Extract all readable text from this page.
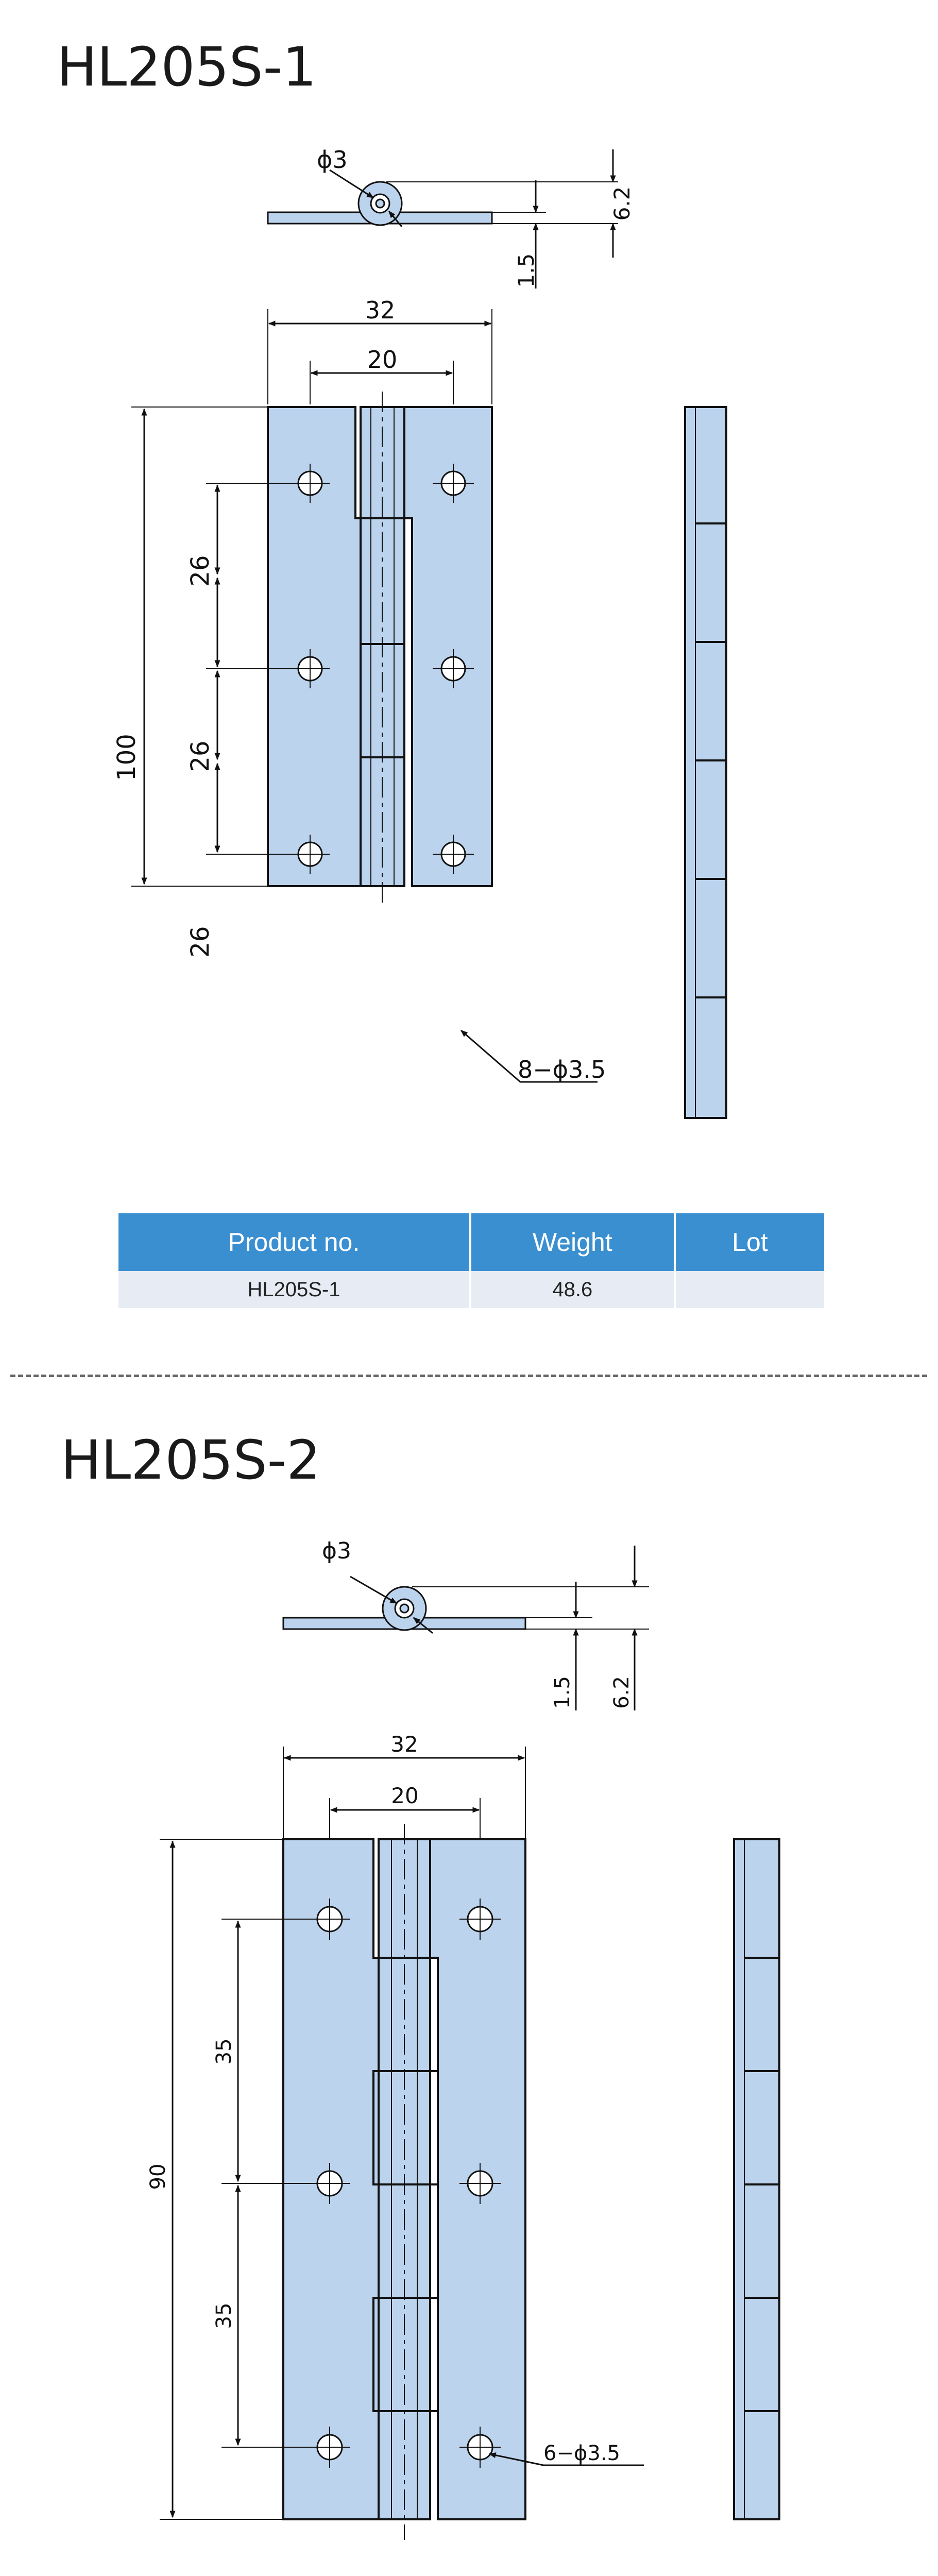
HL205S-1
ϕ3
6.2
1.5
32
20
100
26
26
26
8−ϕ3.5
Product no.	Weight	Lot
HL205S-1	48.6	
HL205S-2
ϕ3
1.5 6.2
32
20
90
35
35
6−ϕ3.5
